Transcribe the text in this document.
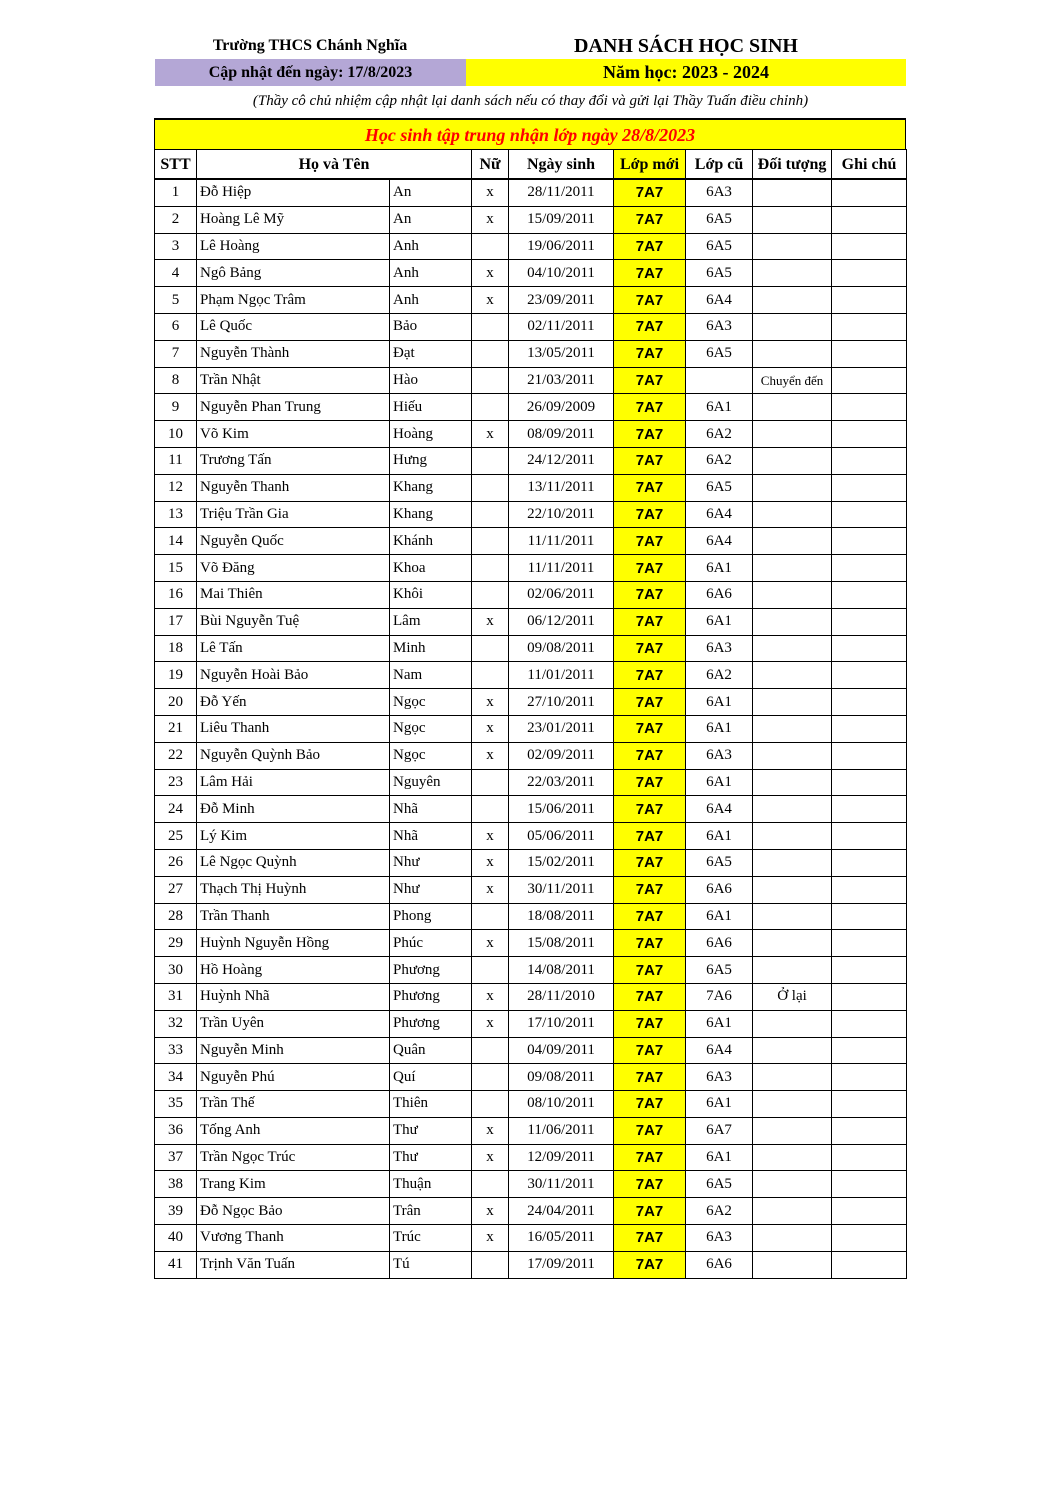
Trường THCS Chánh Nghĩa	DANH SÁCH HỌC SINH
Cập nhật đến ngày: 17/8/2023	Năm học: 2023 - 2024
(Thầy cô chủ nhiệm cập nhật lại danh sách nếu có thay đổi và gửi lại Thầy Tuấn điều chỉnh)
Học sinh tập trung nhận lớp ngày 28/8/2023
STT	Họ và Tên		Nữ	Ngày sinh	Lớp mới	Lớp cũ	Đối tượng	Ghi chú
1	Đỗ Hiệp	An	x	28/11/2011	7A7	6A3		
2	Hoàng Lê Mỹ	An	x	15/09/2011	7A7	6A5		
3	Lê Hoàng	Anh		19/06/2011	7A7	6A5		
4	Ngô Bảng	Anh	x	04/10/2011	7A7	6A5		
5	Phạm Ngọc Trâm	Anh	x	23/09/2011	7A7	6A4		
6	Lê Quốc	Bảo		02/11/2011	7A7	6A3		
7	Nguyễn Thành	Đạt		13/05/2011	7A7	6A5		
8	Trần Nhật	Hào		21/03/2011	7A7		Chuyển đến	
9	Nguyễn Phan Trung	Hiếu		26/09/2009	7A7	6A1		
10	Võ Kim	Hoàng	x	08/09/2011	7A7	6A2		
11	Trương Tấn	Hưng		24/12/2011	7A7	6A2		
12	Nguyễn Thanh	Khang		13/11/2011	7A7	6A5		
13	Triệu Trần Gia	Khang		22/10/2011	7A7	6A4		
14	Nguyễn Quốc	Khánh		11/11/2011	7A7	6A4		
15	Võ Đăng	Khoa		11/11/2011	7A7	6A1		
16	Mai Thiên	Khôi		02/06/2011	7A7	6A6		
17	Bùi Nguyễn Tuệ	Lâm	x	06/12/2011	7A7	6A1		
18	Lê Tấn	Minh		09/08/2011	7A7	6A3		
19	Nguyễn Hoài Bảo	Nam		11/01/2011	7A7	6A2		
20	Đỗ Yến	Ngọc	x	27/10/2011	7A7	6A1		
21	Liêu Thanh	Ngọc	x	23/01/2011	7A7	6A1		
22	Nguyễn Quỳnh Bảo	Ngọc	x	02/09/2011	7A7	6A3		
23	Lâm Hải	Nguyên		22/03/2011	7A7	6A1		
24	Đỗ Minh	Nhã		15/06/2011	7A7	6A4		
25	Lý Kim	Nhã	x	05/06/2011	7A7	6A1		
26	Lê Ngọc Quỳnh	Như	x	15/02/2011	7A7	6A5		
27	Thạch Thị Huỳnh	Như	x	30/11/2011	7A7	6A6		
28	Trần Thanh	Phong		18/08/2011	7A7	6A1		
29	Huỳnh Nguyễn Hồng	Phúc	x	15/08/2011	7A7	6A6		
30	Hồ Hoàng	Phương		14/08/2011	7A7	6A5		
31	Huỳnh Nhã	Phương	x	28/11/2010	7A7	7A6	Ở lại	
32	Trần Uyên	Phương	x	17/10/2011	7A7	6A1		
33	Nguyễn Minh	Quân		04/09/2011	7A7	6A4		
34	Nguyễn Phú	Quí		09/08/2011	7A7	6A3		
35	Trần Thế	Thiên		08/10/2011	7A7	6A1		
36	Tống Anh	Thư	x	11/06/2011	7A7	6A7		
37	Trần Ngọc Trúc	Thư	x	12/09/2011	7A7	6A1		
38	Trang Kim	Thuận		30/11/2011	7A7	6A5		
39	Đỗ Ngọc Bảo	Trân	x	24/04/2011	7A7	6A2		
40	Vương Thanh	Trúc	x	16/05/2011	7A7	6A3		
41	Trịnh Văn Tuấn	Tú		17/09/2011	7A7	6A6		
